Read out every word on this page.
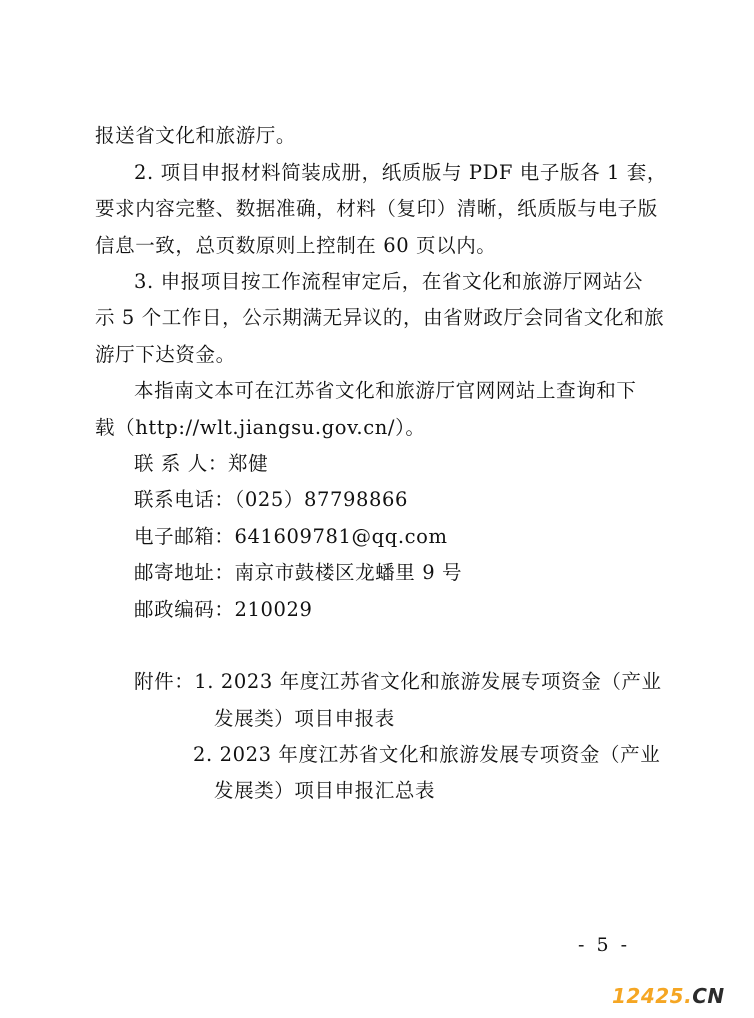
报送省文化和旅游厅。
2. 项目申报材料简装成册，纸质版与 PDF 电子版各 1 套，
要求内容完整、数据准确，材料（复印）清晰，纸质版与电子版
信息一致，总页数原则上控制在 60 页以内。
3. 申报项目按工作流程审定后，在省文化和旅游厅网站公
示 5 个工作日，公示期满无异议的，由省财政厅会同省文化和旅
游厅下达资金。
本指南文本可在江苏省文化和旅游厅官网网站上查询和下
载（http://wlt.jiangsu.gov.cn/）。
联 系 人：郑健
联系电话：（025）87798866
电子邮箱：641609781@qq.com
邮寄地址：南京市鼓楼区龙蟠里 9 号
邮政编码：210029
附件：1. 2023 年度江苏省文化和旅游发展专项资金（产业
发展类）项目申报表
2. 2023 年度江苏省文化和旅游发展专项资金（产业
发展类）项目申报汇总表
- 5 -
12425.CN
